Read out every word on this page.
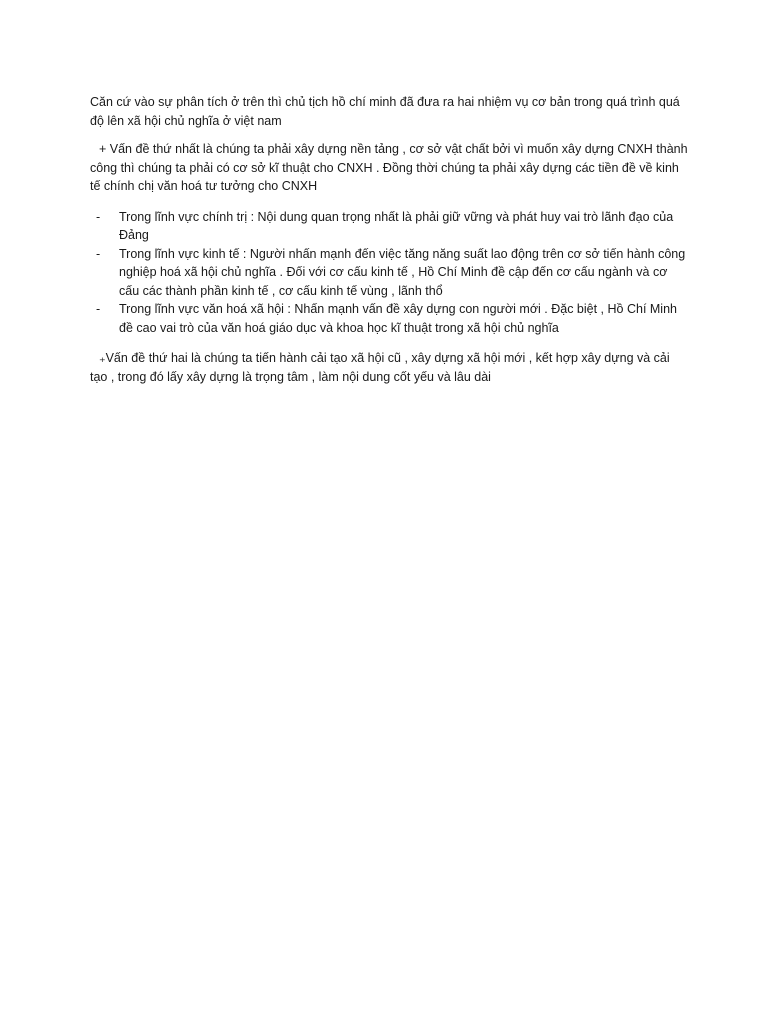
Căn cứ vào sự phân tích ở trên thì chủ tịch hồ chí minh đã đưa ra hai nhiệm vụ cơ bản trong quá trình quá độ lên xã hội chủ nghĩa ở việt nam

+ Vấn đề thứ nhất là chúng ta phải xây dựng nền tảng , cơ sở vật chất bởi vì muốn xây dựng CNXH thành công thì chúng ta phải có cơ sở kĩ thuật cho CNXH . Đồng thời chúng ta phải xây dựng các tiền đề về kinh tế chính chị văn hoá tư tưởng cho CNXH

- Trong lĩnh vực chính trị : Nội dung quan trọng nhất là phải giữ vững và phát huy vai trò lãnh đạo của Đảng
- Trong lĩnh vực kinh tế : Người nhấn mạnh đến việc tăng năng suất lao động trên cơ sở tiến hành công nghiệp hoá xã hội chủ nghĩa . Đối với cơ cấu kinh tế , Hồ Chí Minh đề cập đến cơ cấu ngành và cơ cấu các thành phần kinh tế , cơ cấu kinh tế vùng , lãnh thổ
- Trong lĩnh vực văn hoá xã hội : Nhấn mạnh vấn đề xây dựng con người mới . Đặc biệt , Hồ Chí Minh đề cao vai trò của văn hoá giáo dục và khoa học kĩ thuật trong xã hội chủ nghĩa

₊Vấn đề thứ hai là chúng ta tiến hành cải tạo xã hội cũ , xây dựng xã hội mới , kết hợp xây dựng và cải tạo , trong đó lấy xây dựng là trọng tâm , làm nội dung cốt yếu và lâu dài
